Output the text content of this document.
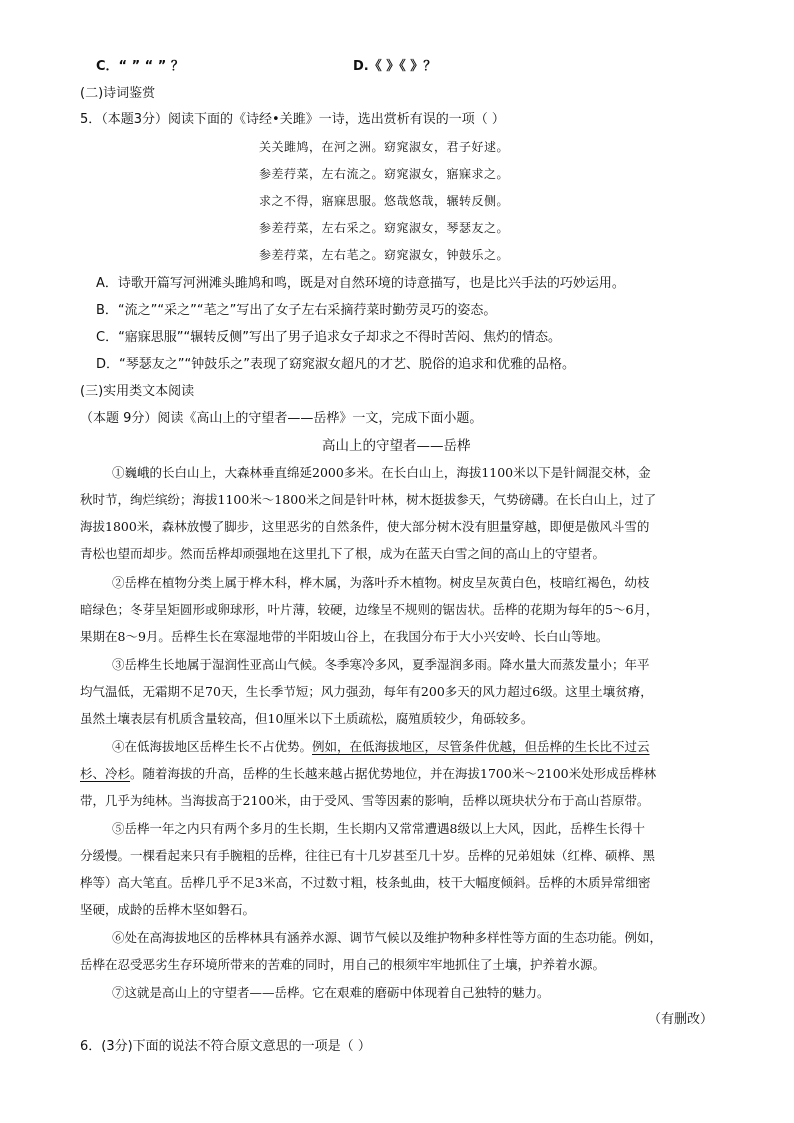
C．“ ” “ ” ？	D.《 》《 》？
(二)诗词鉴赏
5．（本题3分）阅读下面的《诗经•关雎》一诗，选出赏析有误的一项（ ）
关关雎鸠，在河之洲。窈窕淑女，君子好逑。
参差荇菜，左右流之。窈窕淑女，寤寐求之。
求之不得，寤寐思服。悠哉悠哉，辗转反侧。
参差荇菜，左右采之。窈窕淑女，琴瑟友之。
参差荇菜，左右芼之。窈窕淑女，钟鼓乐之。
A．诗歌开篇写河洲滩头雎鸠和鸣，既是对自然环境的诗意描写，也是比兴手法的巧妙运用。
B．“流之”“采之”“芼之”写出了女子左右采摘荇菜时勤劳灵巧的姿态。
C．“寤寐思服”“辗转反侧”写出了男子追求女子却求之不得时苦闷、焦灼的情态。
D．“琴瑟友之”“钟鼓乐之”表现了窈窕淑女超凡的才艺、脱俗的追求和优雅的品格。
(三)实用类文本阅读
（本题 9分）阅读《高山上的守望者——岳桦》一文，完成下面小题。
高山上的守望者——岳桦
①巍峨的长白山上，大森林垂直绵延2000多米。在长白山上，海拔1100米以下是针阔混交林，金
秋时节，绚烂缤纷；海拔1100米～1800米之间是针叶林，树木挺拔参天，气势磅礴。在长白山上，过了
海拔1800米，森林放慢了脚步，这里恶劣的自然条件，使大部分树木没有胆量穿越，即便是傲风斗雪的
青松也望而却步。然而岳桦却顽强地在这里扎下了根，成为在蓝天白雪之间的高山上的守望者。
②岳桦在植物分类上属于桦木科，桦木属，为落叶乔木植物。树皮呈灰黄白色，枝暗红褐色，幼枝
暗绿色；冬芽呈矩圆形或卵球形，叶片薄，较硬，边缘呈不规则的锯齿状。岳桦的花期为每年的5～6月，
果期在8～9月。岳桦生长在寒湿地带的半阳坡山谷上，在我国分布于大小兴安岭、长白山等地。
③岳桦生长地属于湿润性亚高山气候。冬季寒冷多风，夏季湿润多雨。降水量大而蒸发量小；年平
均气温低，无霜期不足70天，生长季节短；风力强劲，每年有200多天的风力超过6级。这里土壤贫瘠，
虽然土壤表层有机质含量较高，但10厘米以下土质疏松，腐殖质较少，角砾较多。
④在低海拔地区岳桦生长不占优势。例如，在低海拔地区，尽管条件优越，但岳桦的生长比不过云
杉、冷杉。随着海拔的升高，岳桦的生长越来越占据优势地位，并在海拔1700米～2100米处形成岳桦林
带，几乎为纯林。当海拔高于2100米，由于受风、雪等因素的影响，岳桦以斑块状分布于高山苔原带。
⑤岳桦一年之内只有两个多月的生长期，生长期内又常常遭遇8级以上大风，因此，岳桦生长得十
分缓慢。一棵看起来只有手腕粗的岳桦，往往已有十几岁甚至几十岁。岳桦的兄弟姐妹（红桦、硕桦、黑
桦等）高大笔直。岳桦几乎不足3米高，不过数寸粗，枝条虬曲，枝干大幅度倾斜。岳桦的木质异常细密
坚硬，成龄的岳桦木坚如磐石。
⑥处在高海拔地区的岳桦林具有涵养水源、调节气候以及维护物种多样性等方面的生态功能。例如，
岳桦在忍受恶劣生存环境所带来的苦难的同时，用自己的根须牢牢地抓住了土壤，护养着水源。
⑦这就是高山上的守望者——岳桦。它在艰难的磨砺中体现着自己独特的魅力。
（有删改）
6．(3分)下面的说法不符合原文意思的一项是（ ）
